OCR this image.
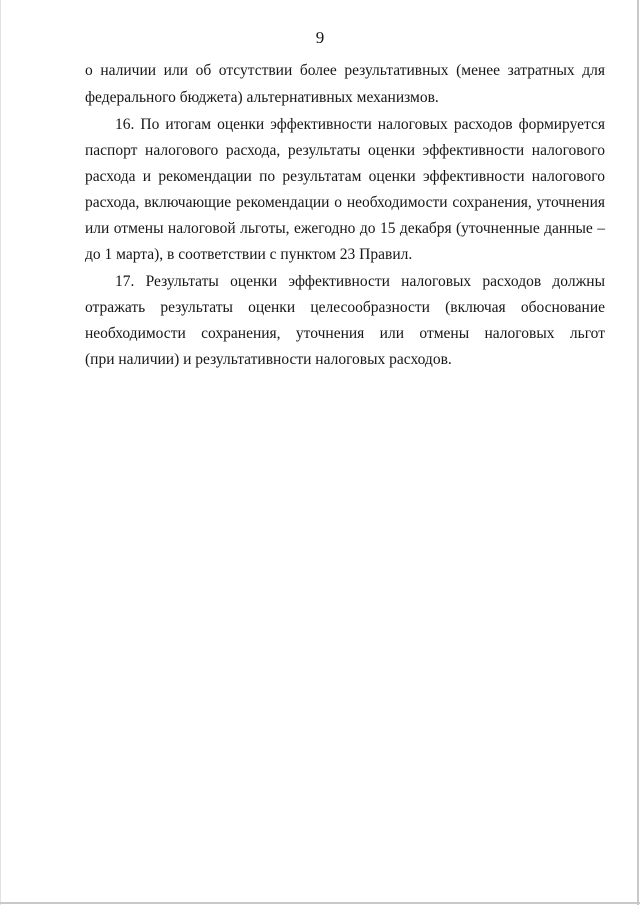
9
о наличии или об отсутствии более результативных (менее затратных для
федерального бюджета) альтернативных механизмов.
16. По итогам оценки эффективности налоговых расходов формируется
паспорт налогового расхода, результаты оценки эффективности налогового
расхода и рекомендации по результатам оценки эффективности налогового
расхода, включающие рекомендации о необходимости сохранения, уточнения
или отмены налоговой льготы, ежегодно до 15 декабря (уточненные данные –
до 1 марта), в соответствии с пунктом 23 Правил.
17. Результаты оценки эффективности налоговых расходов должны
отражать результаты оценки целесообразности (включая обоснование
необходимости сохранения, уточнения или отмены налоговых льгот
(при наличии) и результативности налоговых расходов.
